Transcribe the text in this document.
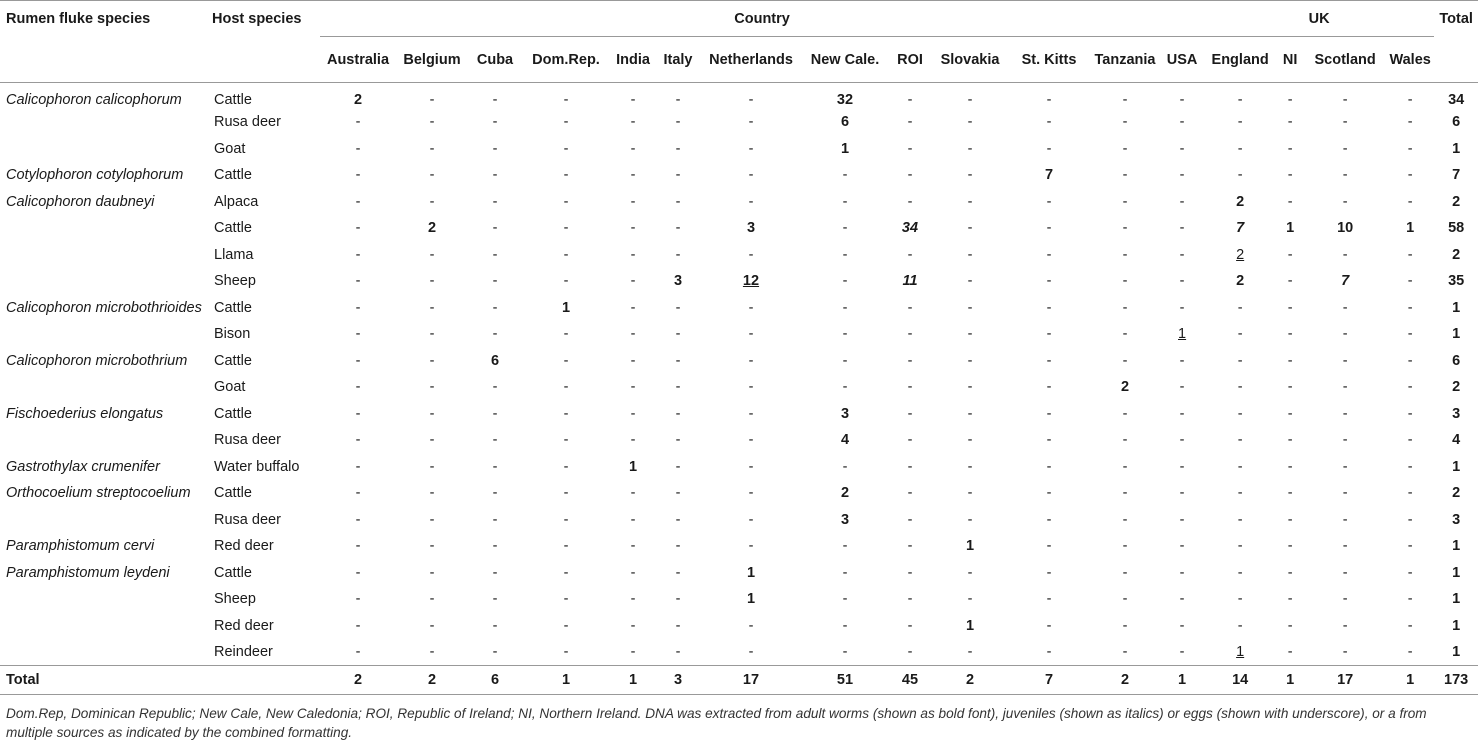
Rumen fluke species	Host species	Country													UK				Total
		Australia	Belgium	Cuba	Dom.Rep.	India	Italy	Netherlands	New Cale.	ROI	Slovakia	St. Kitts	Tanzania	USA	England	NI	Scotland	Wales	
Calicophoron calicophorum	Cattle	2	-	-	-	-	-	-	32	-	-	-	-	-	-	-	-	-	34
	Rusa deer	-	-	-	-	-	-	-	6	-	-	-	-	-	-	-	-	-	6
	Goat	-	-	-	-	-	-	-	1	-	-	-	-	-	-	-	-	-	1
Cotylophoron cotylophorum	Cattle	-	-	-	-	-	-	-	-	-	-	7	-	-	-	-	-	-	7
Calicophoron daubneyi	Alpaca	-	-	-	-	-	-	-	-	-	-	-	-	-	2	-	-	-	2
	Cattle	-	2	-	-	-	-	3	-	34	-	-	-	-	7	1	10	1	58
	Llama	-	-	-	-	-	-	-	-	-	-	-	-	-	2	-	-	-	2
	Sheep	-	-	-	-	-	3	12	-	11	-	-	-	-	2	-	7	-	35
Calicophoron microbothrioides	Cattle	-	-	-	1	-	-	-	-	-	-	-	-	-	-	-	-	-	1
	Bison	-	-	-	-	-	-	-	-	-	-	-	-	1	-	-	-	-	1
Calicophoron microbothrium	Cattle	-	-	6	-	-	-	-	-	-	-	-	-	-	-	-	-	-	6
	Goat	-	-	-	-	-	-	-	-	-	-	-	2	-	-	-	-	-	2
Fischoederius elongatus	Cattle	-	-	-	-	-	-	-	3	-	-	-	-	-	-	-	-	-	3
	Rusa deer	-	-	-	-	-	-	-	4	-	-	-	-	-	-	-	-	-	4
Gastrothylax crumenifer	Water buffalo	-	-	-	-	1	-	-	-	-	-	-	-	-	-	-	-	-	1
Orthocoelium streptocoelium	Cattle	-	-	-	-	-	-	-	2	-	-	-	-	-	-	-	-	-	2
	Rusa deer	-	-	-	-	-	-	-	3	-	-	-	-	-	-	-	-	-	3
Paramphistomum cervi	Red deer	-	-	-	-	-	-	-	-	-	1	-	-	-	-	-	-	-	1
Paramphistomum leydeni	Cattle	-	-	-	-	-	-	1	-	-	-	-	-	-	-	-	-	-	1
	Sheep	-	-	-	-	-	-	1	-	-	-	-	-	-	-	-	-	-	1
	Red deer	-	-	-	-	-	-	-	-	-	1	-	-	-	-	-	-	-	1
	Reindeer	-	-	-	-	-	-	-	-	-	-	-	-	-	1	-	-	-	1
Total		2	2	6	1	1	3	17	51	45	2	7	2	1	14	1	17	1	173
Dom.Rep, Dominican Republic; New Cale, New Caledonia; ROI, Republic of Ireland; NI, Northern Ireland. DNA was extracted from adult worms (shown as bold font), juveniles (shown as italics) or eggs (shown with underscore), or a from multiple sources as indicated by the combined formatting.
